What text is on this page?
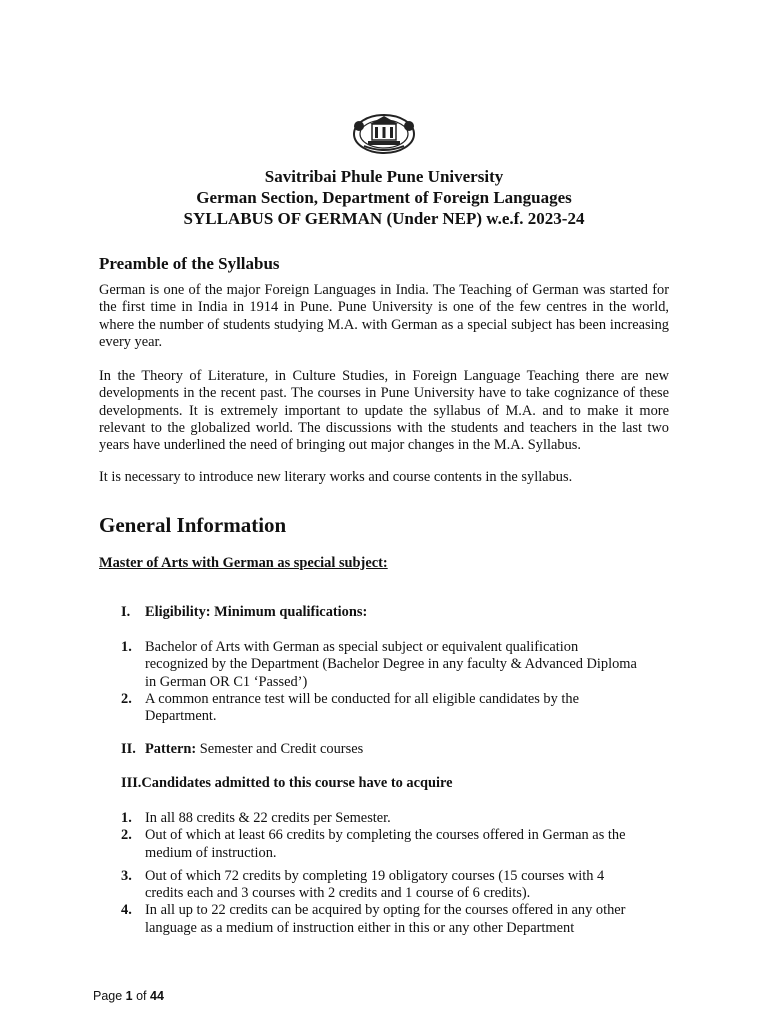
Savitribai Phule Pune University
German Section, Department of Foreign Languages
SYLLABUS OF GERMAN (Under NEP) w.e.f. 2023-24
Preamble of the Syllabus

German is one of the major Foreign Languages in India. The Teaching of German was started for the first time in India in 1914 in Pune. Pune University is one of the few centres in the world, where the number of students studying M.A. with German as a special subject has been increasing every year.

In the Theory of Literature, in Culture Studies, in Foreign Language Teaching there are new developments in the recent past. The courses in Pune University have to take cognizance of these developments. It is extremely important to update the syllabus of M.A. and to make it more relevant to the globalized world. The discussions with the students and teachers in the last two years have underlined the need of bringing out major changes in the M.A. Syllabus.

It is necessary to introduce new literary works and course contents in the syllabus.

General Information
Master of Arts with German as special subject:
I. Eligibility: Minimum qualifications:
1. Bachelor of Arts with German as special subject or equivalent qualification recognized by the Department (Bachelor Degree in any faculty & Advanced Diploma in German OR C1 ‘Passed’)
2. A common entrance test will be conducted for all eligible candidates by the Department.
II. Pattern: Semester and Credit courses
III.Candidates admitted to this course have to acquire
1. In all 88 credits & 22 credits per Semester.
2. Out of which at least 66 credits by completing the courses offered in German as the medium of instruction.
3. Out of which 72 credits by completing 19 obligatory courses (15 courses with 4 credits each and 3 courses with 2 credits and 1 course of 6 credits).
4. In all up to 22 credits can be acquired by opting for the courses offered in any other language as a medium of instruction either in this or any other Department
Page 1 of 44
